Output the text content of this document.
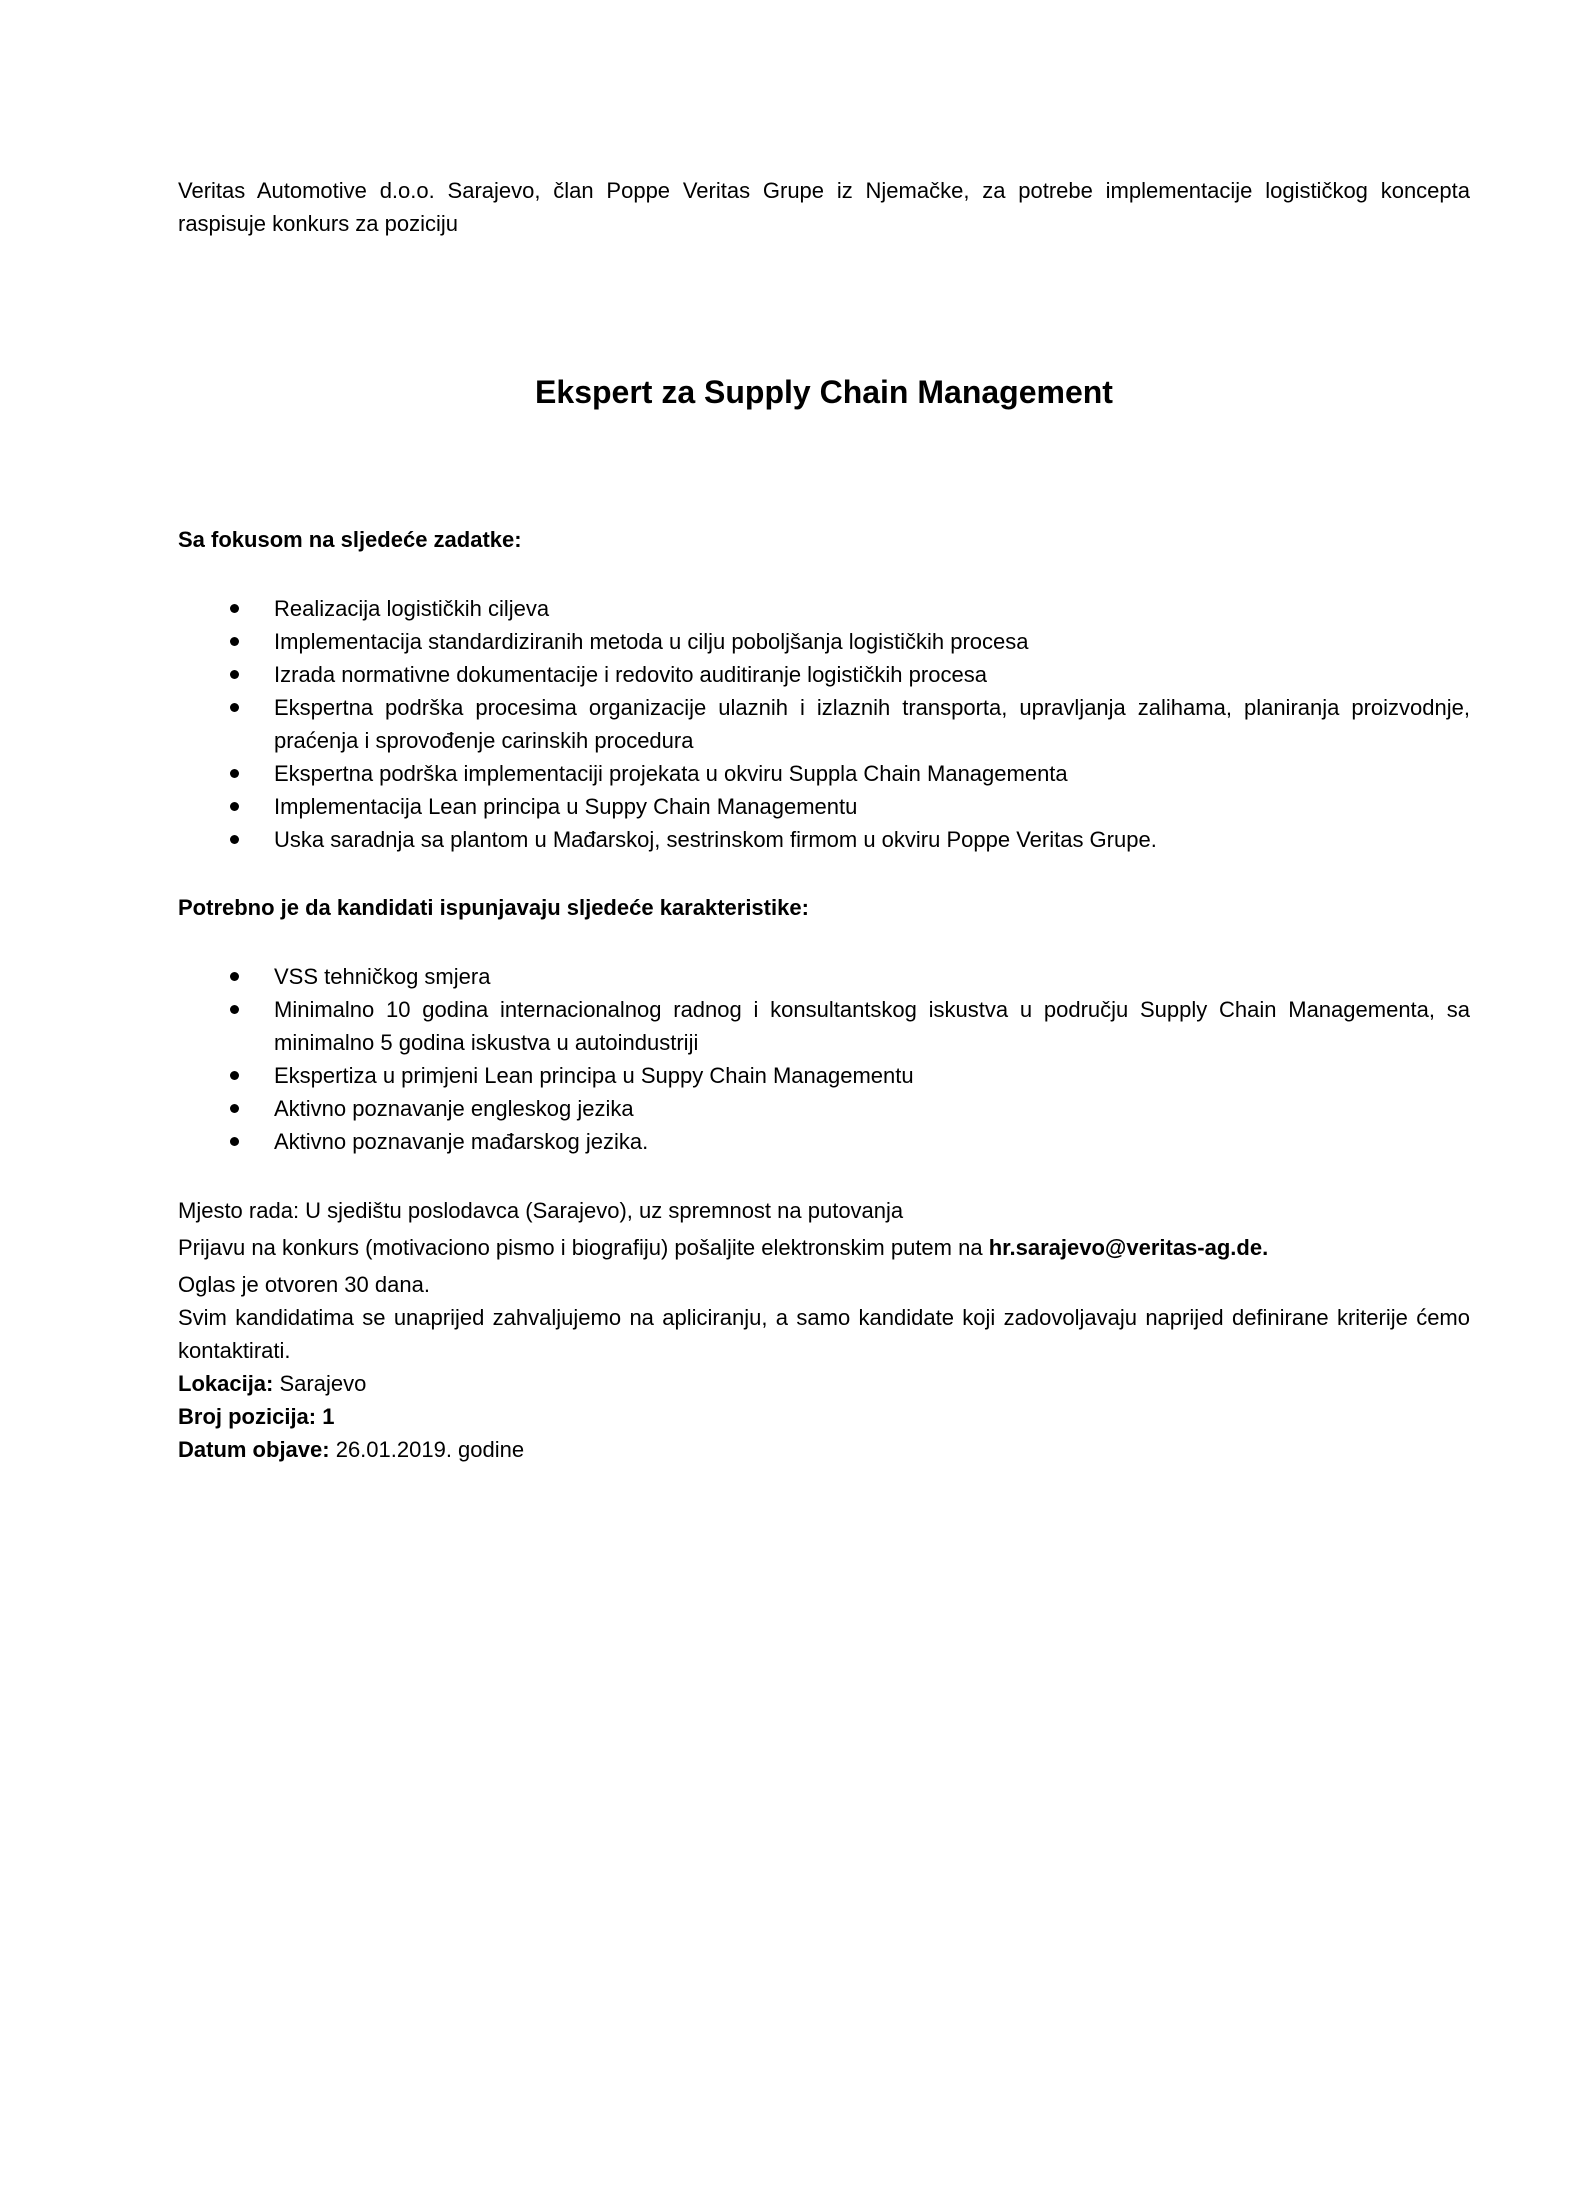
Veritas Automotive d.o.o. Sarajevo, član Poppe Veritas Grupe iz Njemačke, za potrebe implementacije logističkog koncepta raspisuje konkurs za poziciju

Ekspert za Supply Chain Management

Sa fokusom na sljedeće zadatke:

Realizacija logističkih ciljeva
Implementacija standardiziranih metoda u cilju poboljšanja logističkih procesa
Izrada normativne dokumentacije i redovito auditiranje logističkih procesa
Ekspertna podrška procesima organizacije ulaznih i izlaznih transporta, upravljanja zalihama, planiranja proizvodnje, praćenja i sprovođenje carinskih procedura
Ekspertna podrška implementaciji projekata u okviru Suppla Chain Managementa
Implementacija Lean principa u Suppy Chain Managementu
Uska saradnja sa plantom u Mađarskoj, sestrinskom firmom u okviru Poppe Veritas Grupe.

Potrebno je da kandidati ispunjavaju sljedeće karakteristike:

VSS tehničkog smjera
Minimalno 10 godina internacionalnog radnog i konsultantskog iskustva u području Supply Chain Managementa, sa minimalno 5 godina iskustva u autoindustriji
Ekspertiza u primjeni Lean principa u Suppy Chain Managementu
Aktivno poznavanje engleskog jezika
Aktivno poznavanje mađarskog jezika.

Mjesto rada: U sjedištu poslodavca (Sarajevo), uz spremnost na putovanja

Prijavu na konkurs (motivaciono pismo i biografiju) pošaljite elektronskim putem na hr.sarajevo@veritas-ag.de.

Oglas je otvoren 30 dana.

Svim kandidatima se unaprijed zahvaljujemo na apliciranju, a samo kandidate koji zadovoljavaju naprijed definirane kriterije ćemo kontaktirati.

Lokacija: Sarajevo

Broj pozicija: 1

Datum objave: 26.01.2019. godine
